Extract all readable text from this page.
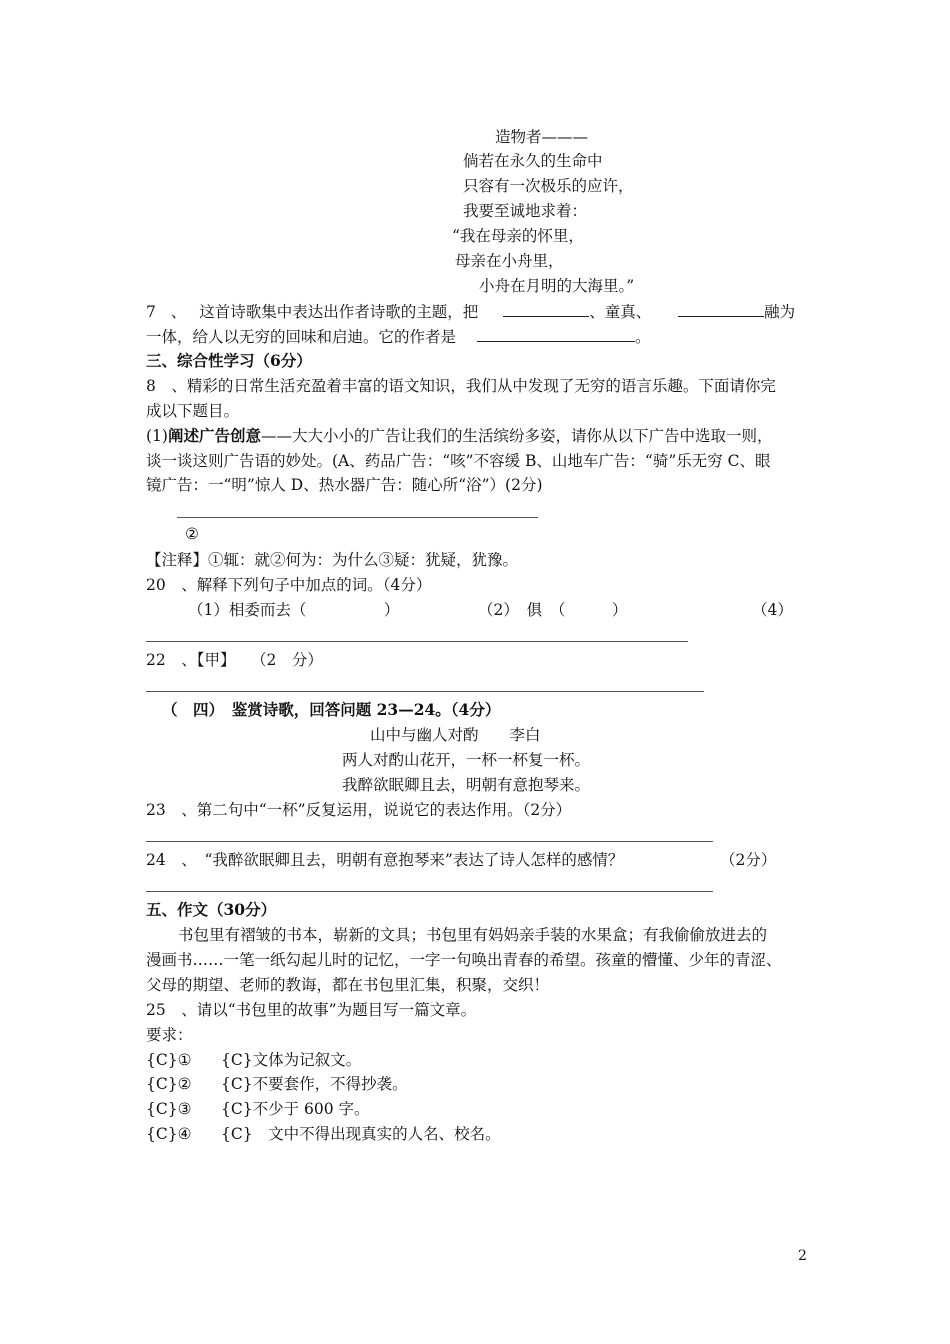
造物者———
倘若在永久的生命中
只容有一次极乐的应许，
我要至诚地求着：
“我在母亲的怀里，
母亲在小舟里，
小舟在月明的大海里。”
7 、 这首诗歌集中表达出作者诗歌的主题，把	、童真、	融为
一体，给人以无穷的回味和启迪。它的作者是	。
三、综合性学习（6分）
8　、精彩的日常生活充盈着丰富的语文知识，我们从中发现了无穷的语言乐趣。下面请你完
成以下题目。
(1)阐述广告创意——大大小小的广告让我们的生活缤纷多姿，请你从以下广告中选取一则，
谈一谈这则广告语的妙处。(A、药品广告：“咳”不容缓 B、山地车广告：“骑”乐无穷 C、眼
镜广告：一“明”惊人 D、热水器广告：随心所“浴”）(2分)
②
【注释】①辄：就②何为：为什么③疑：犹疑，犹豫。
20　、解释下列句子中加点的词。（4分）
（1）相委而去（　　　　　）	（2）　俱　（　　　）	（4）
22　、【甲】　　（2　分）
（　四）　鉴赏诗歌，回答问题 23—24。（4分）
山中与幽人对酌 李白
两人对酌山花开，一杯一杯复一杯。
我醉欲眠卿且去，明朝有意抱琴来。
23　、第二句中“一杯”反复运用，说说它的表达作用。（2分）
24　、　“我醉欲眠卿且去，明朝有意抱琴来”表达了诗人怎样的感情？	（2分）
五、作文（30分）
书包里有褶皱的书本，崭新的文具；书包里有妈妈亲手装的水果盒；有我偷偷放进去的
漫画书……一笔一纸勾起儿时的记忆，一字一句唤出青春的希望。孩童的懵懂、少年的青涩、
父母的期望、老师的教诲，都在书包里汇集，积聚，交织！
25　、请以“书包里的故事”为题目写一篇文章。
要求：
{C}① {C}文体为记叙文。
{C}② {C}不要套作，不得抄袭。
{C}③ {C}不少于 600 字。
{C}④ {C}　文中不得出现真实的人名、校名。
2
